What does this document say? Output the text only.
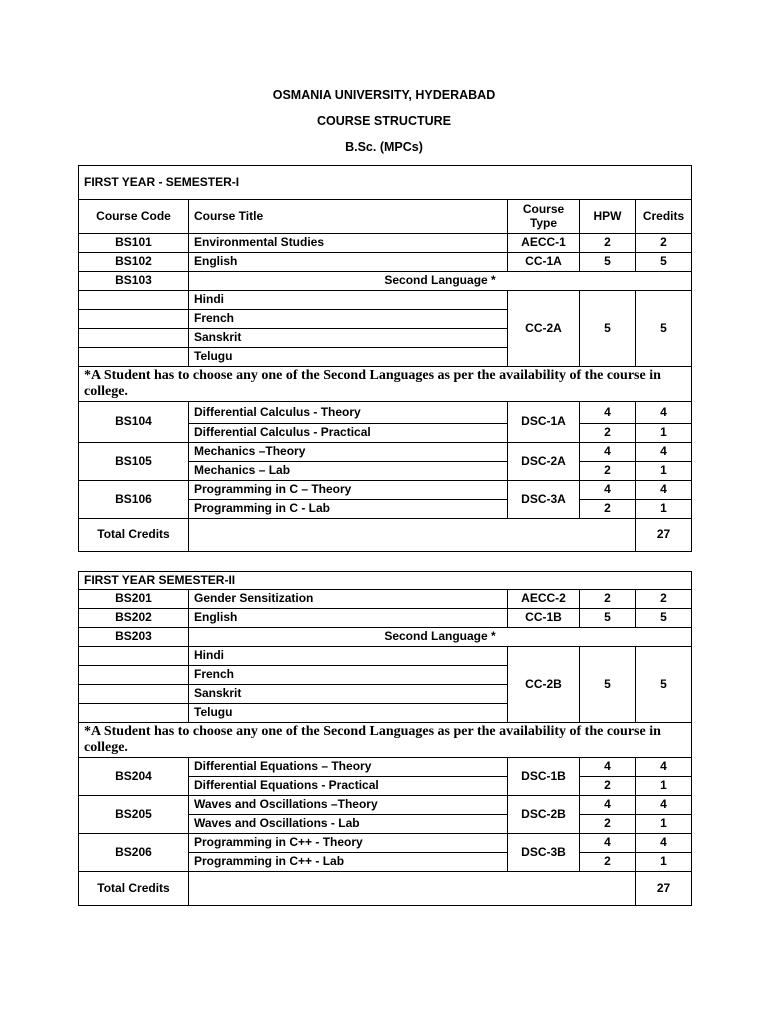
OSMANIA UNIVERSITY, HYDERABAD
COURSE STRUCTURE
B.Sc. (MPCs)
FIRST YEAR - SEMESTER-I				
Course Code	Course Title	Course Type	HPW	Credits
BS101	Environmental Studies	AECC-1	2	2
BS102	English	CC-1A	5	5
BS103	Second Language *			
	Hindi	CC-2A	5	5
	French			
	Sanskrit			
	Telugu			
*A Student has to choose any one of the Second Languages as per the availability of the course in college.				
BS104	Differential Calculus - Theory	DSC-1A	4	4
	Differential Calculus - Practical		2	1
BS105	Mechanics –Theory	DSC-2A	4	4
	Mechanics – Lab		2	1
BS106	Programming in C – Theory	DSC-3A	4	4
	Programming in C - Lab		2	1
Total Credits				27
FIRST YEAR SEMESTER-II				
BS201	Gender Sensitization	AECC-2	2	2
BS202	English	CC-1B	5	5
BS203	Second Language *			
	Hindi	CC-2B	5	5
	French			
	Sanskrit			
	Telugu			
*A Student has to choose any one of the Second Languages as per the availability of the course in college.				
BS204	Differential Equations – Theory	DSC-1B	4	4
	Differential Equations - Practical		2	1
BS205	Waves and Oscillations –Theory	DSC-2B	4	4
	Waves and Oscillations - Lab		2	1
BS206	Programming in C++ - Theory	DSC-3B	4	4
	Programming in C++ - Lab		2	1
Total Credits				27
